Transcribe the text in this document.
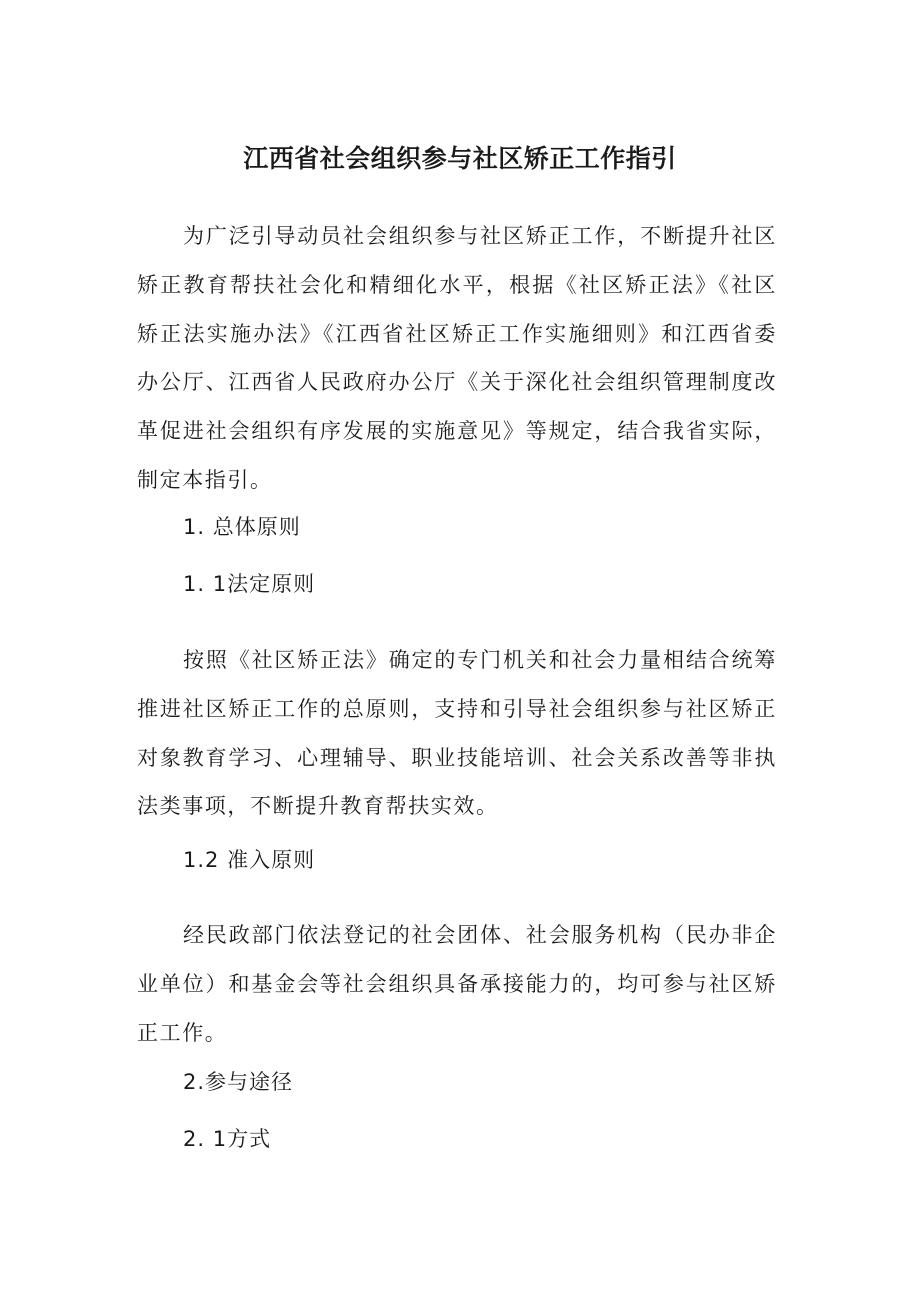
江西省社会组织参与社区矫正工作指引

为广泛引导动员社会组织参与社区矫正工作，不断提升社区矫正教育帮扶社会化和精细化水平，根据《社区矫正法》《社区矫正法实施办法》《江西省社区矫正工作实施细则》和江西省委办公厅、江西省人民政府办公厅《关于深化社会组织管理制度改革促进社会组织有序发展的实施意见》等规定，结合我省实际，制定本指引。

1. 总体原则

1. 1法定原则

按照《社区矫正法》确定的专门机关和社会力量相结合统筹推进社区矫正工作的总原则，支持和引导社会组织参与社区矫正对象教育学习、心理辅导、职业技能培训、社会关系改善等非执法类事项，不断提升教育帮扶实效。

1.2 准入原则

经民政部门依法登记的社会团体、社会服务机构（民办非企业单位）和基金会等社会组织具备承接能力的，均可参与社区矫正工作。

2.参与途径

2. 1方式
